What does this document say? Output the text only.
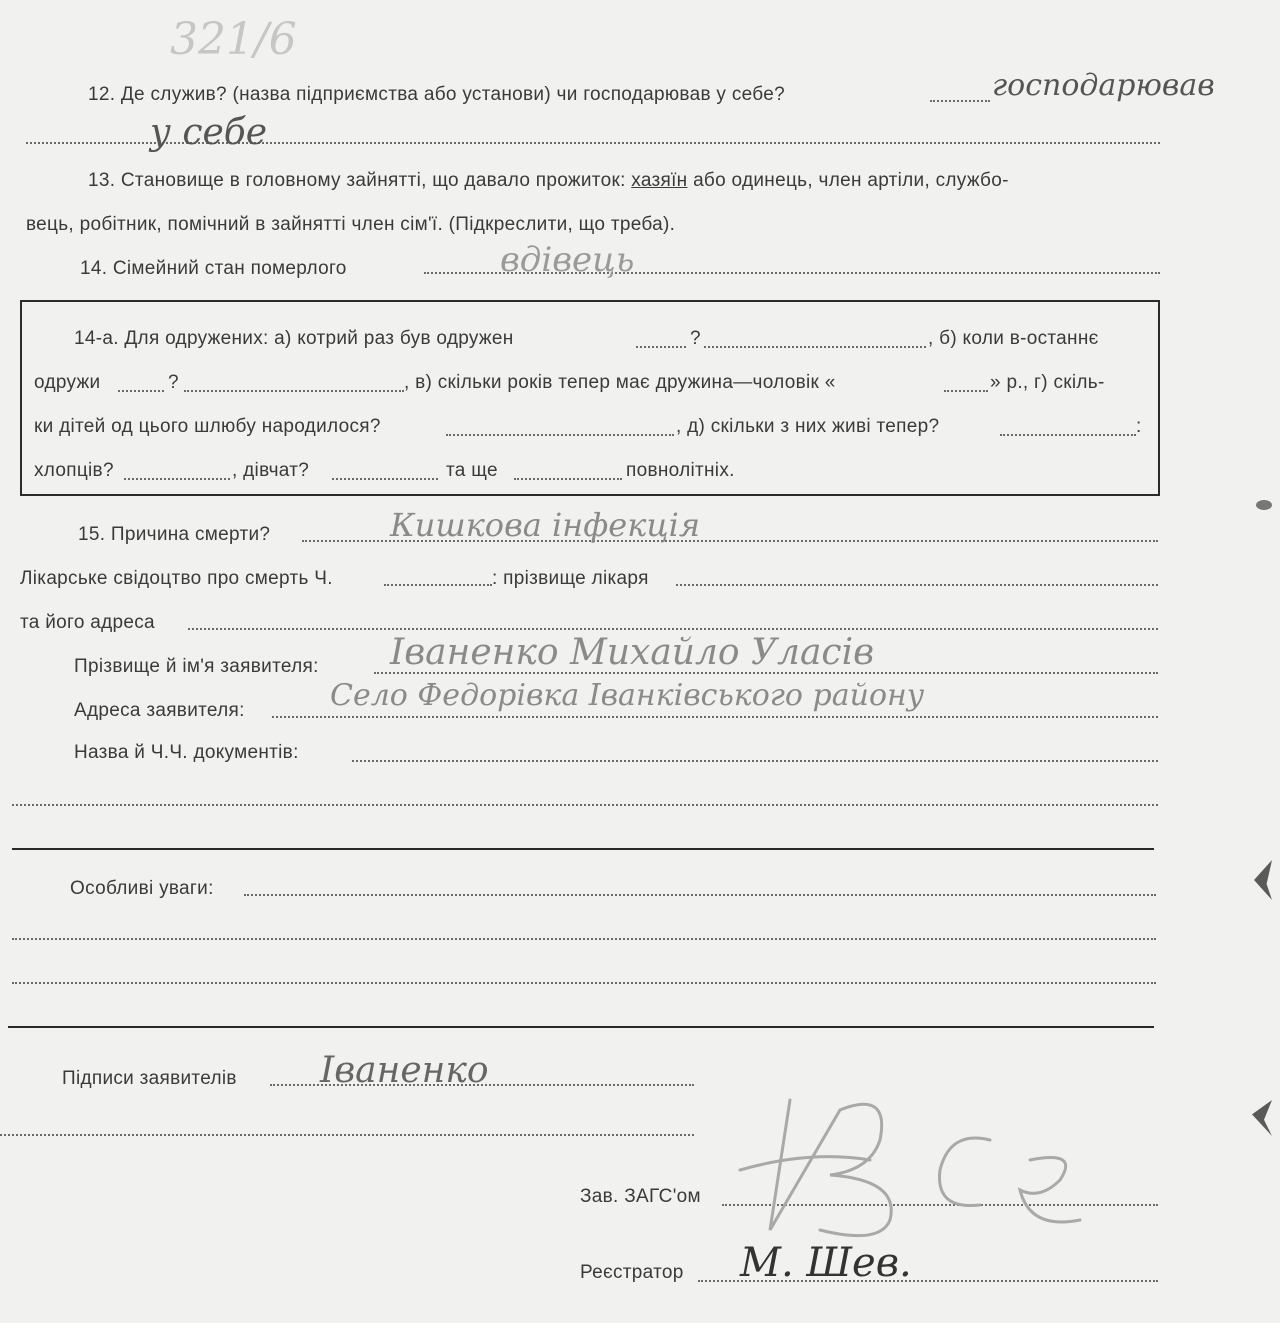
321/6
12. Де служив? (назва підприємства або установи) чи господарював у себе?	господарював
у себе
13. Становище в головному зайнятті, що давало прожиток: хазяїн або одинець, член артіли, службо-
вець, робітник, помічний в зайнятті член сім'ї. (Підкреслити, що треба).
14. Сімейний стан померлого	вдівець
14-а. Для одружених: а) котрий раз був одружен	?	, б) коли в-останнє
одружи	?	, в) скільки років тепер має дружина—чоловік «	» р., г) скіль-
ки дітей од цього шлюбу народилося?	, д) скільки з них живі тепер?	:
хлопців?	, дівчат?	та ще	повнолітніх.
15. Причина смерти?	Кишкова інфекція
Лікарське свідоцтво про смерть Ч.	: прізвище лікаря
та його адреса
Прізвище й ім'я заявителя: Іваненко Михайло Уласів
Адреса заявителя:	Село Федорівка Іванківського району
Назва й Ч.Ч. документів:
Особливі уваги:
Підписи заявителів Іваненко
Зав. ЗАГС'ом
Реєстратор М. Шев.
